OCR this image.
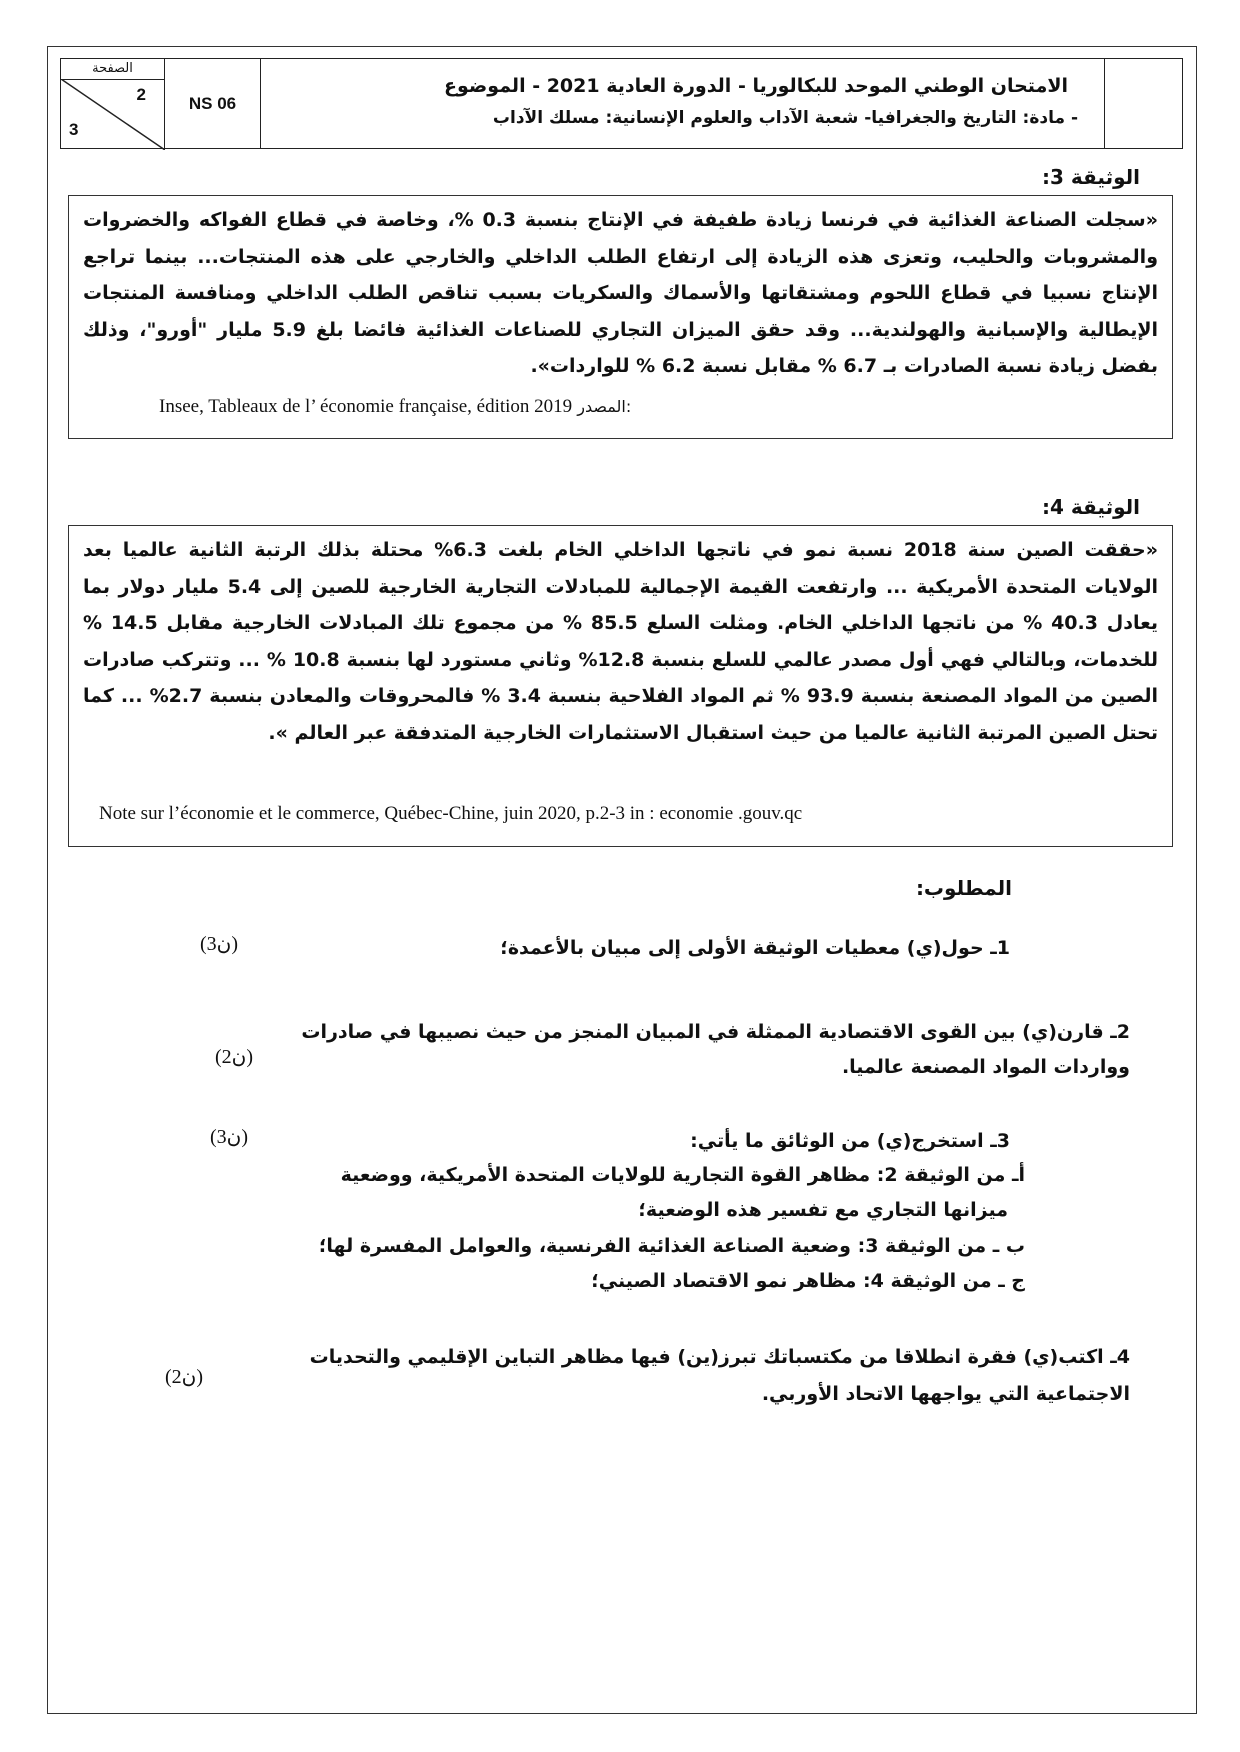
الصفحة
2
3
NS 06
الامتحان الوطني الموحد للبكالوريا - الدورة العادية 2021 - الموضوع
- مادة: التاريخ والجغرافيا- شعبة الآداب والعلوم الإنسانية: مسلك الآداب
الوثيقة 3:

«سجلت الصناعة الغذائية في فرنسا زيادة طفيفة في الإنتاج بنسبة 0.3 %، وخاصة في قطاع الفواكه والخضروات والمشروبات والحليب، وتعزى هذه الزيادة إلى ارتفاع الطلب الداخلي والخارجي على هذه المنتجات... بينما تراجع الإنتاج نسبيا في قطاع اللحوم ومشتقاتها والأسماك والسكريات بسبب تناقص الطلب الداخلي ومنافسة المنتجات الإيطالية والإسبانية والهولندية... وقد حقق الميزان التجاري للصناعات الغذائية فائضا بلغ 5.9 مليار "أورو"، وذلك بفضل زيادة نسبة الصادرات بـ 6.7 % مقابل نسبة 6.2 % للواردات».

Insee, Tableaux de l’ économie française, édition 2019 المصدر:
الوثيقة 4:

«حققت الصين سنة 2018 نسبة نمو في ناتجها الداخلي الخام بلغت 6.3% محتلة بذلك الرتبة الثانية عالميا بعد الولايات المتحدة الأمريكية ... وارتفعت القيمة الإجمالية للمبادلات التجارية الخارجية للصين إلى 5.4 مليار دولار بما يعادل 40.3 % من ناتجها الداخلي الخام. ومثلت السلع 85.5 % من مجموع تلك المبادلات الخارجية مقابل 14.5 % للخدمات، وبالتالي فهي أول مصدر عالمي للسلع بنسبة 12.8% وثاني مستورد لها بنسبة 10.8 % ... وتتركب صادرات الصين من المواد المصنعة بنسبة 93.9 % ثم المواد الفلاحية بنسبة 3.4 % فالمحروقات والمعادن بنسبة 2.7% ... كما تحتل الصين المرتبة الثانية عالميا من حيث استقبال الاستثمارات الخارجية المتدفقة عبر العالم ».

Note sur l’économie et le commerce, Québec-Chine, juin 2020, p.2-3 in : economie .gouv.qc
المطلوب:
1ـ حول(ي) معطيات الوثيقة الأولى إلى مبيان بالأعمدة؛
(3ن)
2ـ قارن(ي) بين القوى الاقتصادية الممثلة في المبيان المنجز من حيث نصيبها في صادرات
وواردات المواد المصنعة عالميا.
(2ن)
3ـ استخرج(ي) من الوثائق ما يأتي:
(3ن)
أـ من الوثيقة 2: مظاهر القوة التجارية للولايات المتحدة الأمريكية، ووضعية
ميزانها التجاري مع تفسير هذه الوضعية؛
ب ـ من الوثيقة 3: وضعية الصناعة الغذائية الفرنسية، والعوامل المفسرة لها؛
ج ـ من الوثيقة 4: مظاهر نمو الاقتصاد الصيني؛
4ـ اكتب(ي) فقرة انطلاقا من مكتسباتك تبرز(ين) فيها مظاهر التباين الإقليمي والتحديات
الاجتماعية التي يواجهها الاتحاد الأوربي.
(2ن)
